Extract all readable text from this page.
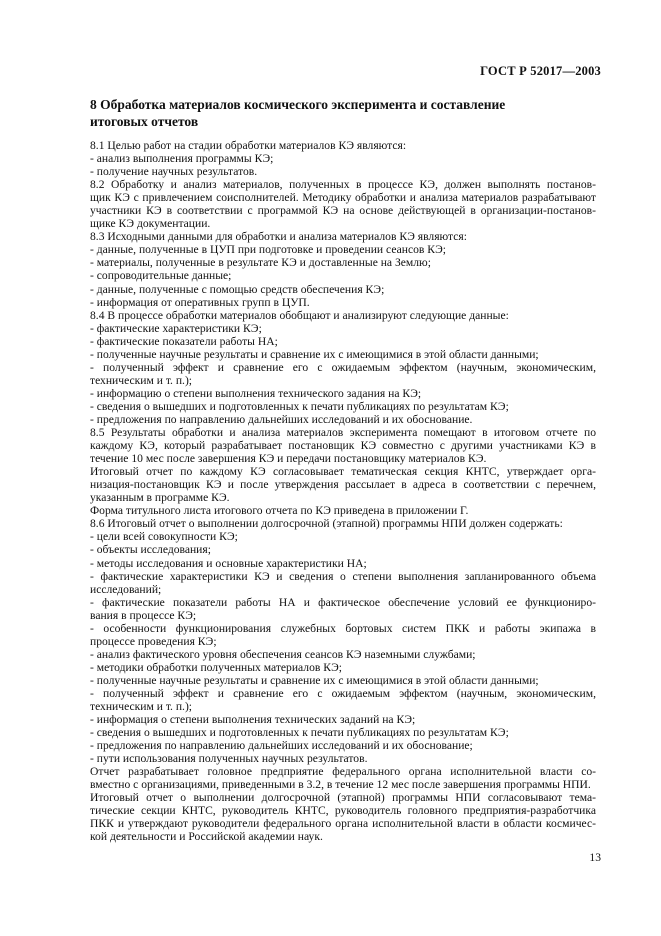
ГОСТ Р 52017—2003
8 Обработка материалов космического эксперимента и составление итоговых отчетов

8.1 Целью работ на стадии обработки материалов КЭ являются:

- анализ выполнения программы КЭ;

- получение научных результатов.

8.2 Обработку и анализ материалов, полученных в процессе КЭ, должен выполнять постанов-

щик КЭ с привлечением соисполнителей. Методику обработки и анализа материалов разрабатывают

участники КЭ в соответствии с программой КЭ на основе действующей в организации-постанов-

щике КЭ документации.

8.3 Исходными данными для обработки и анализа материалов КЭ являются:

- данные, полученные в ЦУП при подготовке и проведении сеансов КЭ;

- материалы, полученные в результате КЭ и доставленные на Землю;

- сопроводительные данные;

- данные, полученные с помощью средств обеспечения КЭ;

- информация от оперативных групп в ЦУП.

8.4 В процессе обработки материалов обобщают и анализируют следующие данные:

- фактические характеристики КЭ;

- фактические показатели работы НА;

- полученные научные результаты и сравнение их с имеющимися в этой области данными;

- полученный эффект и сравнение его с ожидаемым эффектом (научным, экономическим,

техническим и т. п.);

- информацию о степени выполнения технического задания на КЭ;

- сведения о вышедших и подготовленных к печати публикациях по результатам КЭ;

- предложения по направлению дальнейших исследований и их обоснование.

8.5 Результаты обработки и анализа материалов эксперимента помещают в итоговом отчете по

каждому КЭ, который разрабатывает постановщик КЭ совместно с другими участниками КЭ в

течение 10 мес после завершения КЭ и передачи постановщику материалов КЭ.

Итоговый отчет по каждому КЭ согласовывает тематическая секция КНТС, утверждает орга-

низация-постановщик КЭ и после утверждения рассылает в адреса в соответствии с перечнем,

указанным в программе КЭ.

Форма титульного листа итогового отчета по КЭ приведена в приложении Г.

8.6 Итоговый отчет о выполнении долгосрочной (этапной) программы НПИ должен содержать:

- цели всей совокупности КЭ;

- объекты исследования;

- методы исследования и основные характеристики НА;

- фактические характеристики КЭ и сведения о степени выполнения запланированного объема

исследований;

- фактические показатели работы НА и фактическое обеспечение условий ее функциониро-

вания в процессе КЭ;

- особенности функционирования служебных бортовых систем ПКК и работы экипажа в

процессе проведения КЭ;

- анализ фактического уровня обеспечения сеансов КЭ наземными службами;

- методики обработки полученных материалов КЭ;

- полученные научные результаты и сравнение их с имеющимися в этой области данными;

- полученный эффект и сравнение его с ожидаемым эффектом (научным, экономическим,

техническим и т. п.);

- информация о степени выполнения технических заданий на КЭ;

- сведения о вышедших и подготовленных к печати публикациях по результатам КЭ;

- предложения по направлению дальнейших исследований и их обоснование;

- пути использования полученных научных результатов.

Отчет разрабатывает головное предприятие федерального органа исполнительной власти со-

вместно с организациями, приведенными в 3.2, в течение 12 мес после завершения программы НПИ.

Итоговый отчет о выполнении долгосрочной (этапной) программы НПИ согласовывают тема-

тические секции КНТС, руководитель КНТС, руководитель головного предприятия-разработчика

ПКК и утверждают руководители федерального органа исполнительной власти в области космичес-

кой деятельности и Российской академии наук.

13
